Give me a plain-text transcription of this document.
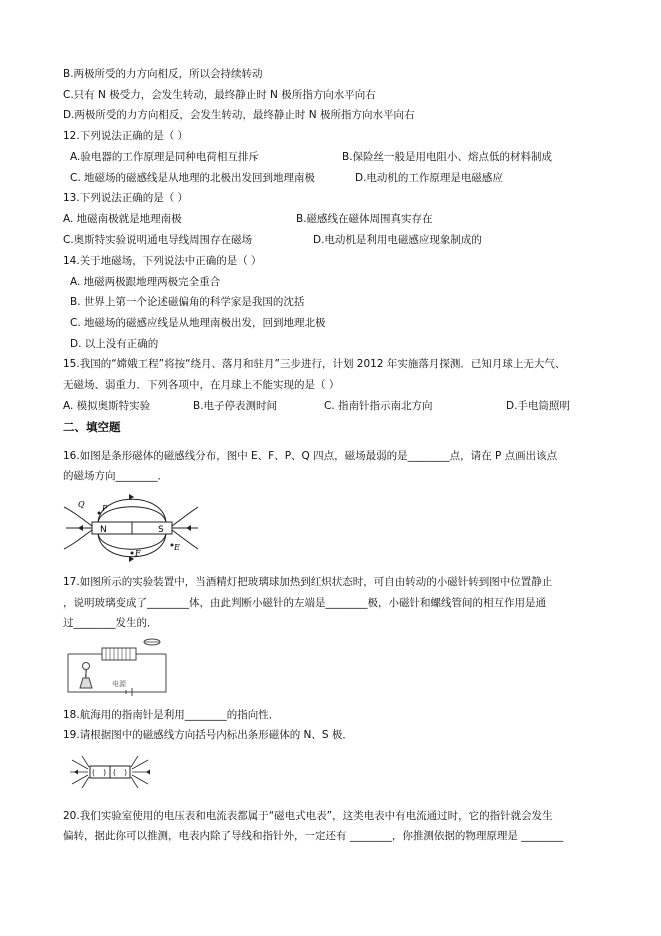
B.两极所受的力方向相反，所以会持续转动
C.只有 N 极受力，会发生转动，最终静止时 N 极所指方向水平向右
D.两极所受的力方向相反，会发生转动，最终静止时 N 极所指方向水平向右
12.下列说法正确的是（ ）
A.验电器的工作原理是同种电荷相互排斥	B.保险丝一般是用电阻小、熔点低的材料制成
C. 地磁场的磁感线是从地理的北极出发回到地理南极	D.电动机的工作原理是电磁感应
13.下列说法正确的是（ ）
A. 地磁南极就是地理南极	B.磁感线在磁体周围真实存在
C.奥斯特实验说明通电导线周围存在磁场	D.电动机是利用电磁感应现象制成的
14.关于地磁场，下列说法中正确的是（ ）
A. 地磁两极跟地理两极完全重合
B. 世界上第一个论述磁偏角的科学家是我国的沈括
C. 地磁场的磁感应线是从地理南极出发，回到地理北极
D. 以上没有正确的
15.我国的“嫦娥工程”将按“绕月、落月和驻月”三步进行，计划 2012 年实施落月探测．已知月球上无大气、
无磁场、弱重力．下列各项中，在月球上不能实现的是（ ）
A. 模拟奥斯特实验	B.电子停表测时间	C. 指南针指示南北方向	D.手电筒照明
二、填空题
16.如图是条形磁体的磁感线分布，图中 E、F、P、Q 四点，磁场最弱的是________点，请在 P 点画出该点
的磁场方向________．
N	S
Q P
F
E
17.如图所示的实验装置中，当酒精灯把玻璃球加热到红炽状态时，可自由转动的小磁针转到图中位置静止
，说明玻璃变成了________体，由此判断小磁针的左端是________极，小磁针和螺线管间的相互作用是通
过________发生的．
电源
18.航海用的指南针是利用________的指向性．
19.请根据图中的磁感线方向括号内标出条形磁体的 N、S 极．
( ) ( )
20.我们实验室使用的电压表和电流表都属于“磁电式电表”，这类电表中有电流通过时，它的指针就会发生
偏转，据此你可以推测，电表内除了导线和指针外，一定还有 ________，你推测依据的物理原理是 ________
